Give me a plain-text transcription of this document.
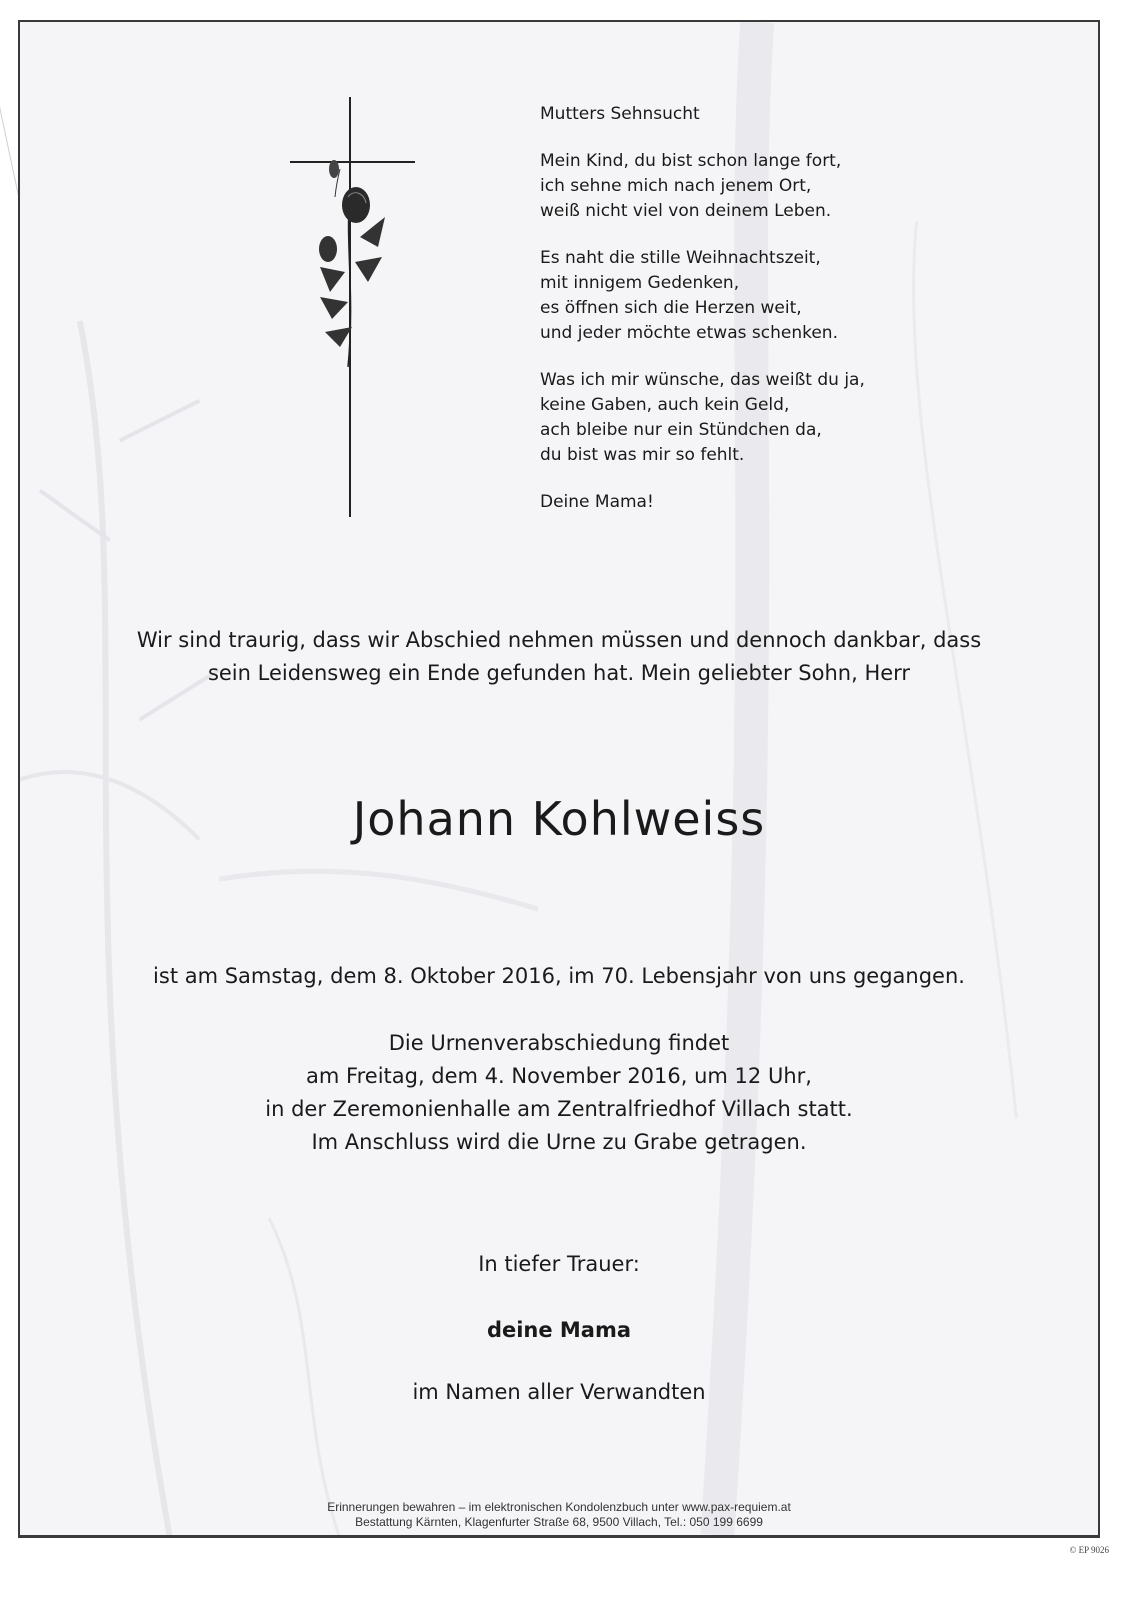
Mutters Sehnsucht
Mein Kind, du bist schon lange fort,
ich sehne mich nach jenem Ort,
weiß nicht viel von deinem Leben.
Es naht die stille Weihnachtszeit,
mit innigem Gedenken,
es öffnen sich die Herzen weit,
und jeder möchte etwas schenken.
Was ich mir wünsche, das weißt du ja,
keine Gaben, auch kein Geld,
ach bleibe nur ein Stündchen da,
du bist was mir so fehlt.
Deine Mama!
Wir sind traurig, dass wir Abschied nehmen müssen und dennoch dankbar, dass
sein Leidensweg ein Ende gefunden hat. Mein geliebter Sohn, Herr
Johann Kohlweiss
ist am Samstag, dem 8. Oktober 2016, im 70. Lebensjahr von uns gegangen.
Die Urnenverabschiedung findet
am Freitag, dem 4. November 2016, um 12 Uhr,
in der Zeremonienhalle am Zentralfriedhof Villach statt.
Im Anschluss wird die Urne zu Grabe getragen.
In tiefer Trauer:
deine Mama
im Namen aller Verwandten
Erinnerungen bewahren – im elektronischen Kondolenzbuch unter www.pax-requiem.at
Bestattung Kärnten, Klagenfurter Straße 68, 9500 Villach, Tel.: 050 199 6699
© EP 9026
